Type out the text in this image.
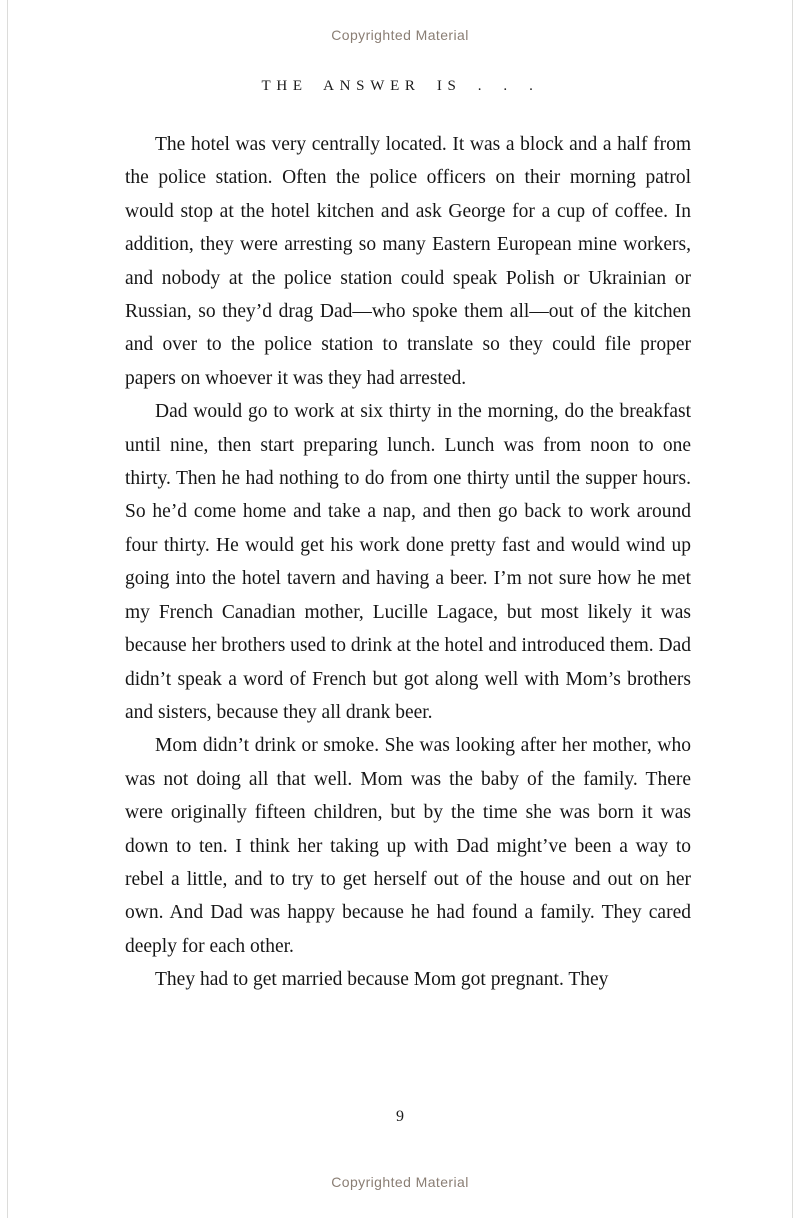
Copyrighted Material
THE ANSWER IS . . .

The hotel was very centrally located. It was a block and a half from the police station. Often the police officers on their morning patrol would stop at the hotel kitchen and ask George for a cup of coffee. In addition, they were arresting so many Eastern European mine workers, and nobody at the police station could speak Polish or Ukrainian or Russian, so they’d drag Dad—who spoke them all—out of the kitchen and over to the police station to translate so they could file proper papers on whoever it was they had arrested.

Dad would go to work at six thirty in the morning, do the breakfast until nine, then start preparing lunch. Lunch was from noon to one thirty. Then he had nothing to do from one thirty until the supper hours. So he’d come home and take a nap, and then go back to work around four thirty. He would get his work done pretty fast and would wind up going into the hotel tavern and having a beer. I’m not sure how he met my French Canadian mother, Lucille Lagace, but most likely it was because her brothers used to drink at the hotel and introduced them. Dad didn’t speak a word of French but got along well with Mom’s brothers and sisters, because they all drank beer.

Mom didn’t drink or smoke. She was looking after her mother, who was not doing all that well. Mom was the baby of the family. There were originally fifteen children, but by the time she was born it was down to ten. I think her taking up with Dad might’ve been a way to rebel a little, and to try to get herself out of the house and out on her own. And Dad was happy because he had found a family. They cared deeply for each other.

They had to get married because Mom got pregnant. They

9
Copyrighted Material
